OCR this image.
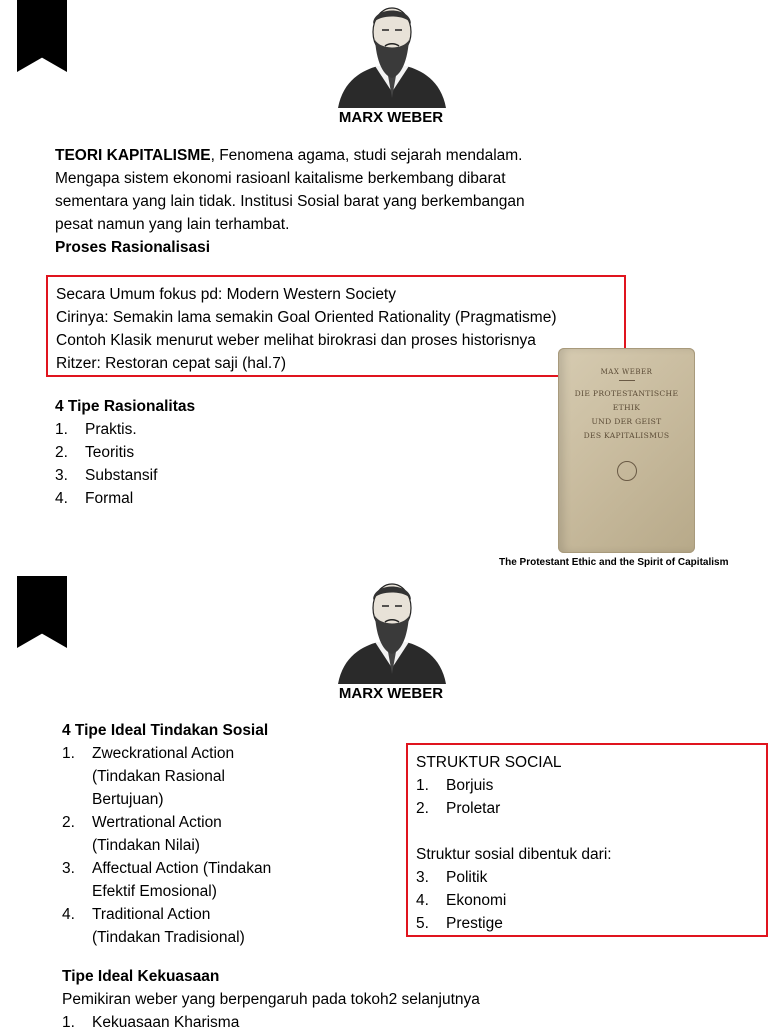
MARX WEBER
TEORI KAPITALISME, Fenomena agama, studi sejarah mendalam.
Mengapa sistem ekonomi rasioanl kaitalisme berkembang dibarat
sementara yang lain tidak. Institusi Sosial barat yang berkembangan
pesat namun yang lain terhambat.
Proses Rasionalisasi
Secara Umum fokus pd: Modern Western Society
Cirinya: Semakin lama semakin Goal Oriented Rationality (Pragmatisme)
Contoh Klasik menurut weber melihat birokrasi dan proses historisnya
Ritzer: Restoran cepat saji (hal.7)
4 Tipe Rasionalitas
1. Praktis.
2. Teoritis
3. Substansif
4. Formal
MAX WEBER
DIE PROTESTANTISCHE
ETHIK
UND DER GEIST
DES KAPITALISMUS
The Protestant Ethic and the Spirit of Capitalism
MARX WEBER
4 Tipe Ideal Tindakan Sosial
1. Zweckrational Action
(Tindakan Rasional
Bertujuan)
2. Wertrational Action
(Tindakan Nilai)
3. Affectual Action (Tindakan
Efektif Emosional)
4. Traditional Action
(Tindakan Tradisional)
STRUKTUR SOCIAL
1. Borjuis
2. Proletar
Struktur sosial dibentuk dari:
3. Politik
4. Ekonomi
5. Prestige
Tipe Ideal Kekuasaan
Pemikiran weber yang berpengaruh pada tokoh2 selanjutnya
1. Kekuasaan Kharisma
